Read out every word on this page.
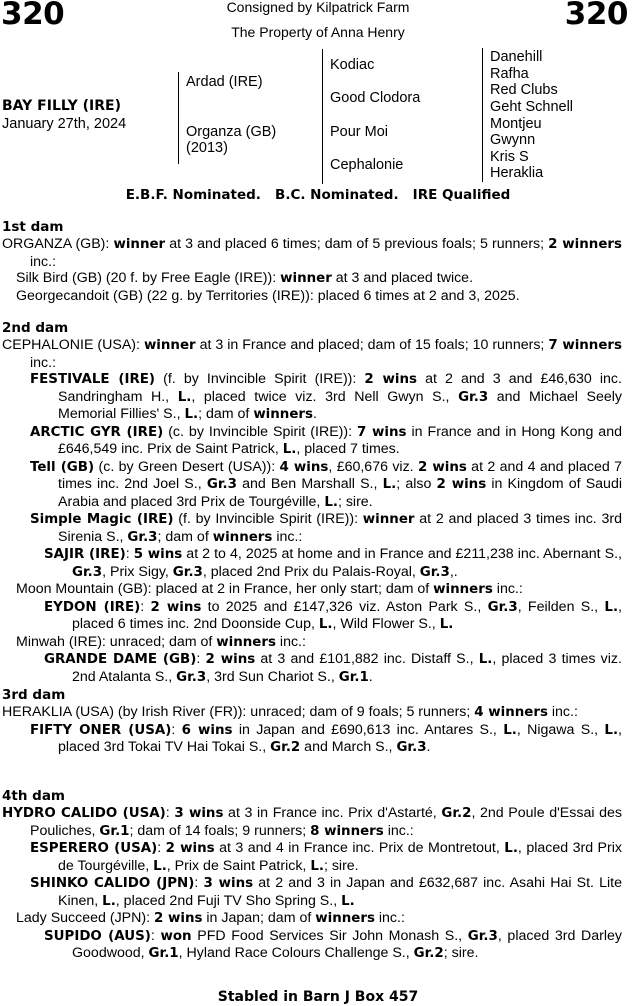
320	320
Consigned by Kilpatrick Farm
The Property of Anna Henry
BAY FILLY (IRE)
January 27th, 2024
Ardad (IRE)
Organza (GB)
(2013)
Kodiac
Good Clodora
Pour Moi
Cephalonie
Danehill
Rafha
Red Clubs
Geht Schnell
Montjeu
Gwynn
Kris S
Heraklia
E.B.F. Nominated.   B.C. Nominated.   IRE Qualified
1st dam

ORGANZA (GB): winner at 3 and placed 6 times; dam of 5 previous foals; 5 runners; 2 winners inc.:

Silk Bird (GB) (20 f. by Free Eagle (IRE)): winner at 3 and placed twice.

Georgecandoit (GB) (22 g. by Territories (IRE)): placed 6 times at 2 and 3, 2025.

2nd dam

CEPHALONIE (USA): winner at 3 in France and placed; dam of 15 foals; 10 runners; 7 winners inc.:

FESTIVALE (IRE) (f. by Invincible Spirit (IRE)): 2 wins at 2 and 3 and £46,630 inc. Sandringham H., L., placed twice viz. 3rd Nell Gwyn S., Gr.3 and Michael Seely Memorial Fillies' S., L.; dam of winners.

ARCTIC GYR (IRE) (c. by Invincible Spirit (IRE)): 7 wins in France and in Hong Kong and £646,549 inc. Prix de Saint Patrick, L., placed 7 times.

Tell (GB) (c. by Green Desert (USA)): 4 wins, £60,676 viz. 2 wins at 2 and 4 and placed 7 times inc. 2nd Joel S., Gr.3 and Ben Marshall S., L.; also 2 wins in Kingdom of Saudi Arabia and placed 3rd Prix de Tourgéville, L.; sire.

Simple Magic (IRE) (f. by Invincible Spirit (IRE)): winner at 2 and placed 3 times inc. 3rd Sirenia S., Gr.3; dam of winners inc.:

SAJIR (IRE): 5 wins at 2 to 4, 2025 at home and in France and £211,238 inc. Abernant S., Gr.3, Prix Sigy, Gr.3, placed 2nd Prix du Palais-Royal, Gr.3,.

Moon Mountain (GB): placed at 2 in France, her only start; dam of winners inc.:

EYDON (IRE): 2 wins to 2025 and £147,326 viz. Aston Park S., Gr.3, Feilden S., L., placed 6 times inc. 2nd Doonside Cup, L., Wild Flower S., L.

Minwah (IRE): unraced; dam of winners inc.:

GRANDE DAME (GB): 2 wins at 3 and £101,882 inc. Distaff S., L., placed 3 times viz. 2nd Atalanta S., Gr.3, 3rd Sun Chariot S., Gr.1.

3rd dam

HERAKLIA (USA) (by Irish River (FR)): unraced; dam of 9 foals; 5 runners; 4 winners inc.:

FIFTY ONER (USA): 6 wins in Japan and £690,613 inc. Antares S., L., Nigawa S., L., placed 3rd Tokai TV Hai Tokai S., Gr.2 and March S., Gr.3.

4th dam

HYDRO CALIDO (USA): 3 wins at 3 in France inc. Prix d'Astarté, Gr.2, 2nd Poule d'Essai des Pouliches, Gr.1; dam of 14 foals; 9 runners; 8 winners inc.:

ESPERERO (USA): 2 wins at 3 and 4 in France inc. Prix de Montretout, L., placed 3rd Prix de Tourgéville, L., Prix de Saint Patrick, L.; sire.

SHINKO CALIDO (JPN): 3 wins at 2 and 3 in Japan and £632,687 inc. Asahi Hai St. Lite Kinen, L., placed 2nd Fuji TV Sho Spring S., L.

Lady Succeed (JPN): 2 wins in Japan; dam of winners inc.:

SUPIDO (AUS): won PFD Food Services Sir John Monash S., Gr.3, placed 3rd Darley Goodwood, Gr.1, Hyland Race Colours Challenge S., Gr.2; sire.

Stabled in Barn J Box 457
